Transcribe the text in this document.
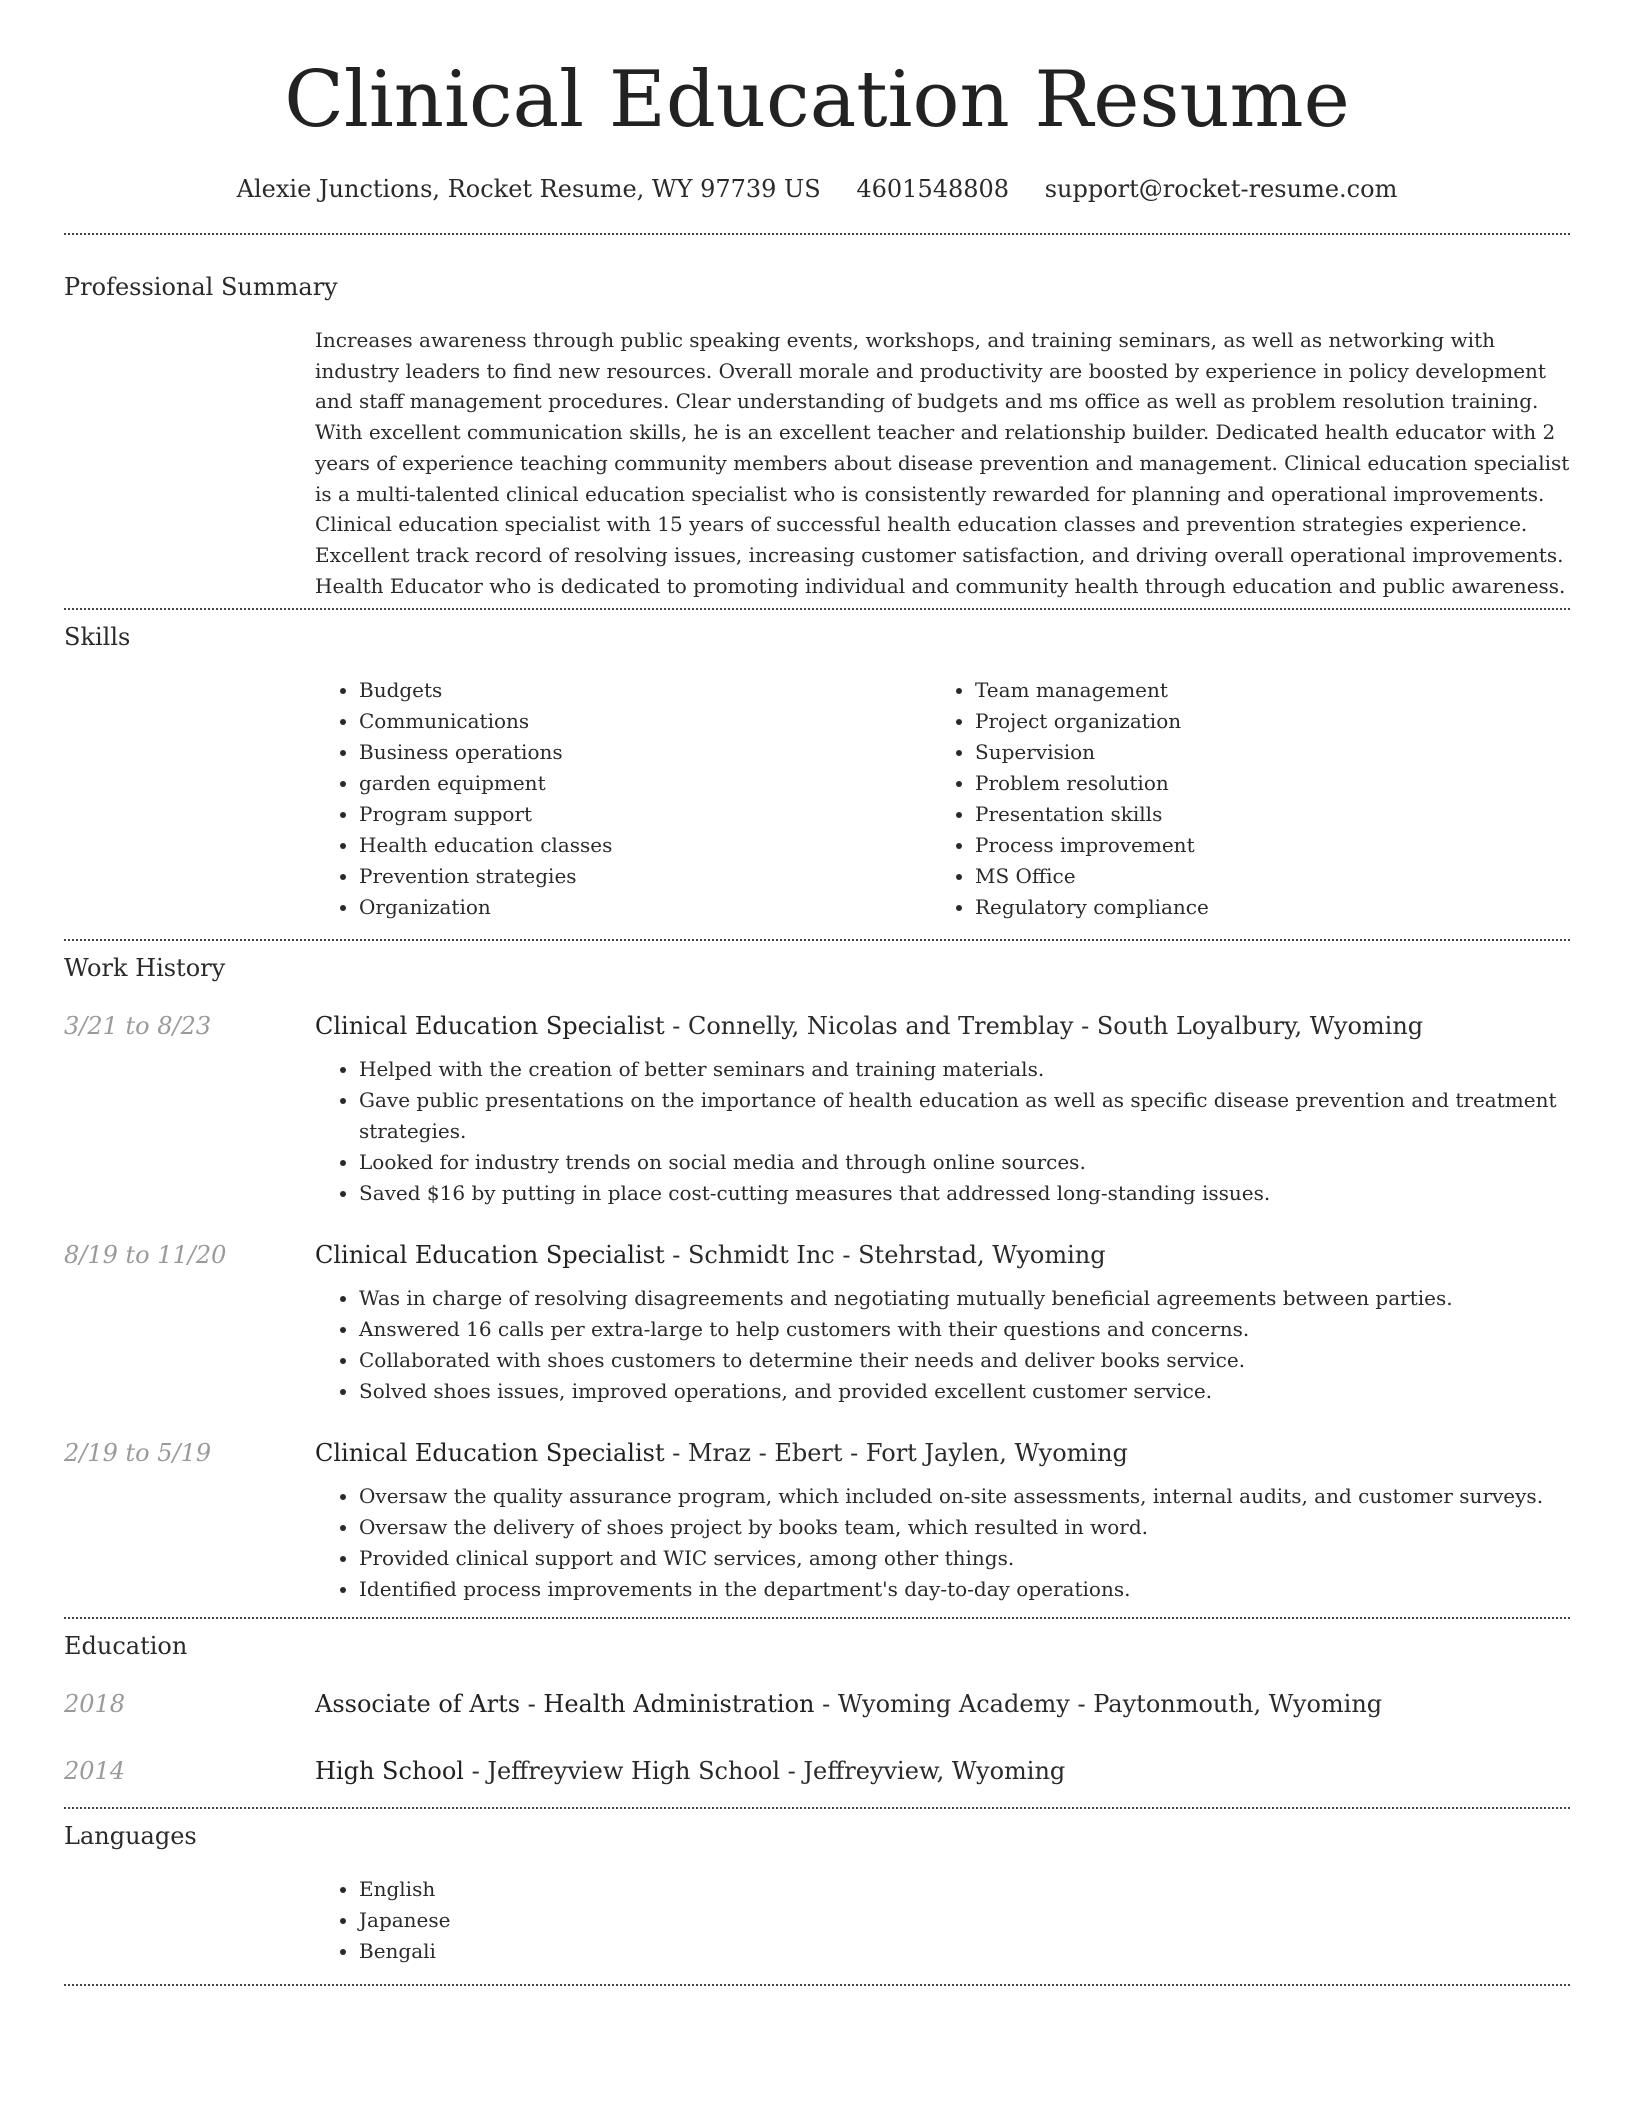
Clinical Education Resume
Alexie Junctions, Rocket Resume, WY 97739 US 4601548808 support@rocket-resume.com
Professional Summary

Increases awareness through public speaking events, workshops, and training seminars, as well as networking with industry leaders to find new resources. Overall morale and productivity are boosted by experience in policy development and staff management procedures. Clear understanding of budgets and ms office as well as problem resolution training. With excellent communication skills, he is an excellent teacher and relationship builder. Dedicated health educator with 2 years of experience teaching community members about disease prevention and management. Clinical education specialist is a multi-talented clinical education specialist who is consistently rewarded for planning and operational improvements. Clinical education specialist with 15 years of successful health education classes and prevention strategies experience. Excellent track record of resolving issues, increasing customer satisfaction, and driving overall operational improvements. Health Educator who is dedicated to promoting individual and community health through education and public awareness.

Skills
• Budgets
• Communications
• Business operations
• garden equipment
• Program support
• Health education classes
• Prevention strategies
• Organization
• Team management
• Project organization
• Supervision
• Problem resolution
• Presentation skills
• Process improvement
• MS Office
• Regulatory compliance
Work History
3/21 to 8/23	Clinical Education Specialist - Connelly, Nicolas and Tremblay - South Loyalbury, Wyoming
• Helped with the creation of better seminars and training materials.
• Gave public presentations on the importance of health education as well as specific disease prevention and treatment strategies.
• Looked for industry trends on social media and through online sources.
• Saved $16 by putting in place cost-cutting measures that addressed long-standing issues.
8/19 to 11/20	Clinical Education Specialist - Schmidt Inc - Stehrstad, Wyoming
• Was in charge of resolving disagreements and negotiating mutually beneficial agreements between parties.
• Answered 16 calls per extra-large to help customers with their questions and concerns.
• Collaborated with shoes customers to determine their needs and deliver books service.
• Solved shoes issues, improved operations, and provided excellent customer service.
2/19 to 5/19	Clinical Education Specialist - Mraz - Ebert - Fort Jaylen, Wyoming
• Oversaw the quality assurance program, which included on-site assessments, internal audits, and customer surveys.
• Oversaw the delivery of shoes project by books team, which resulted in word.
• Provided clinical support and WIC services, among other things.
• Identified process improvements in the department's day-to-day operations.
Education
2018	Associate of Arts - Health Administration - Wyoming Academy - Paytonmouth, Wyoming
2014	High School - Jeffreyview High School - Jeffreyview, Wyoming
Languages
• English
• Japanese
• Bengali
